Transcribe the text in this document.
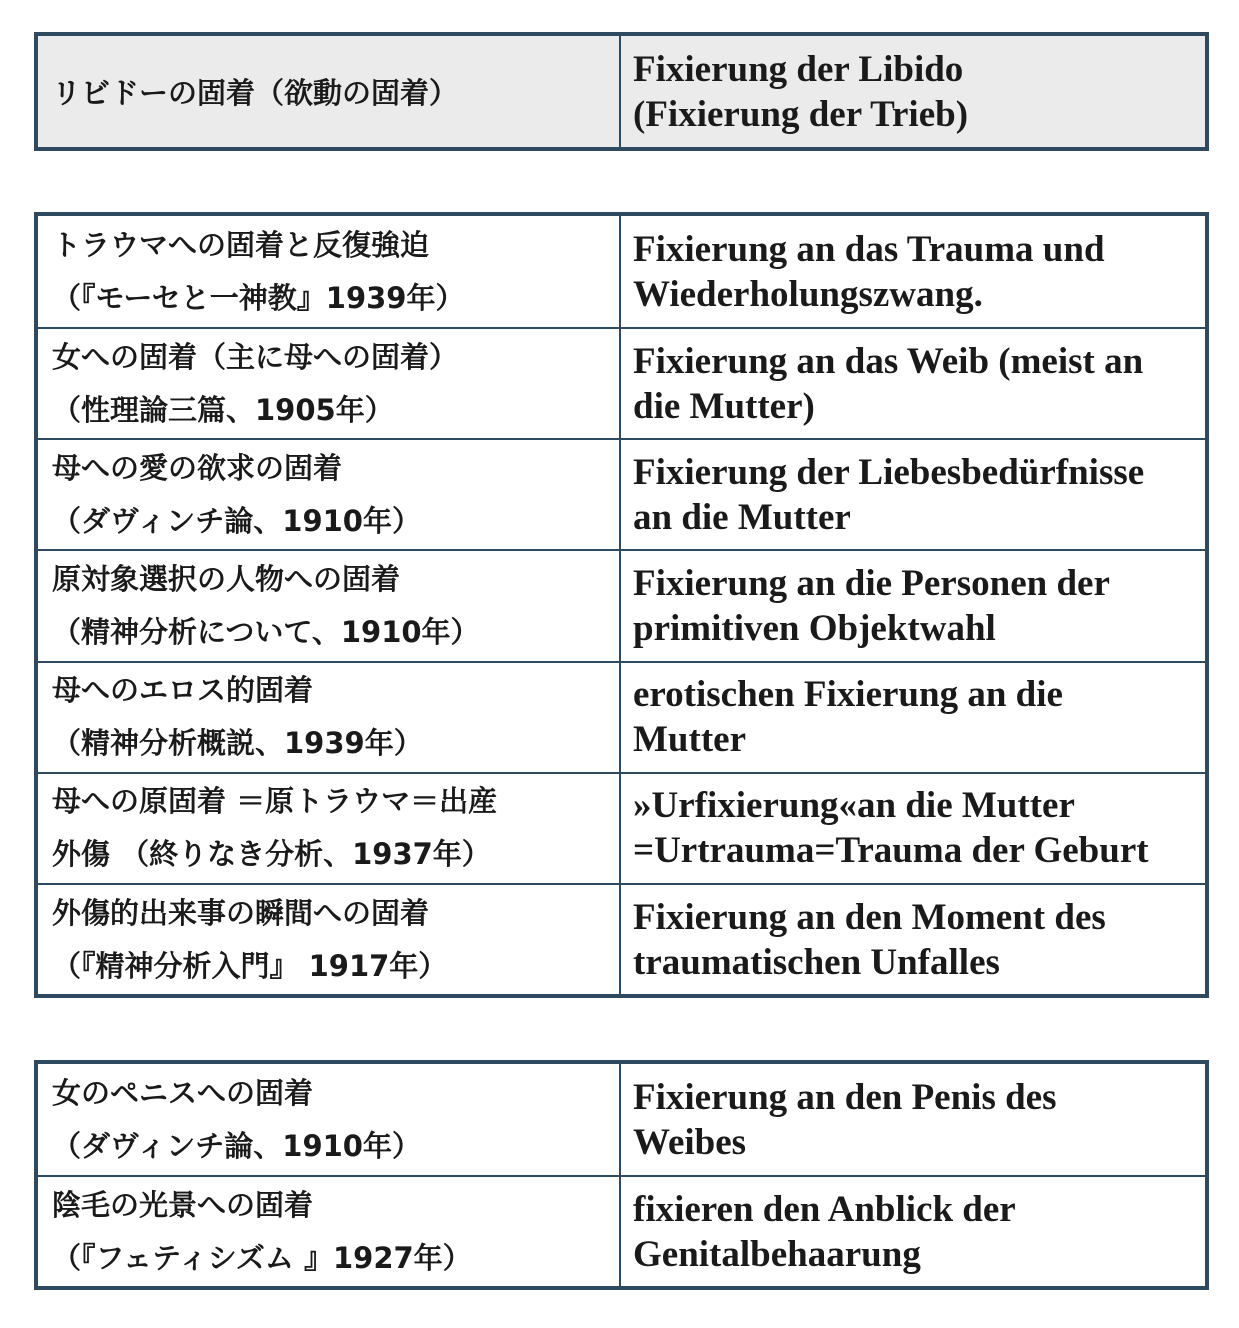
リビドーの固着（欲動の固着）
Fixierung der Libido
(Fixierung der Trieb)
トラウマへの固着と反復強迫
（『モーセと一神教』1939年）
Fixierung an das Trauma und
Wiederholungszwang.
女への固着（主に母への固着）
（性理論三篇、1905年）
Fixierung an das Weib (meist an
die Mutter)
母への愛の欲求の固着
（ダヴィンチ論、1910年）
Fixierung der Liebesbedürfnisse
an die Mutter
原対象選択の人物への固着
（精神分析について、1910年）
Fixierung an die Personen der
primitiven Objektwahl
母へのエロス的固着
（精神分析概説、1939年）
erotischen Fixierung an die
Mutter
母への原固着 ＝原トラウマ＝出産
外傷 （終りなき分析、1937年）
»Urfixierung«an die Mutter
=Urtrauma=Trauma der Geburt
外傷的出来事の瞬間への固着
（『精神分析入門』 1917年）
Fixierung an den Moment des
traumatischen Unfalles
女のペニスへの固着
（ダヴィンチ論、1910年）
Fixierung an den Penis des
Weibes
陰毛の光景への固着
（『フェティシズム 』1927年）
fixieren den Anblick der
Genitalbehaarung
